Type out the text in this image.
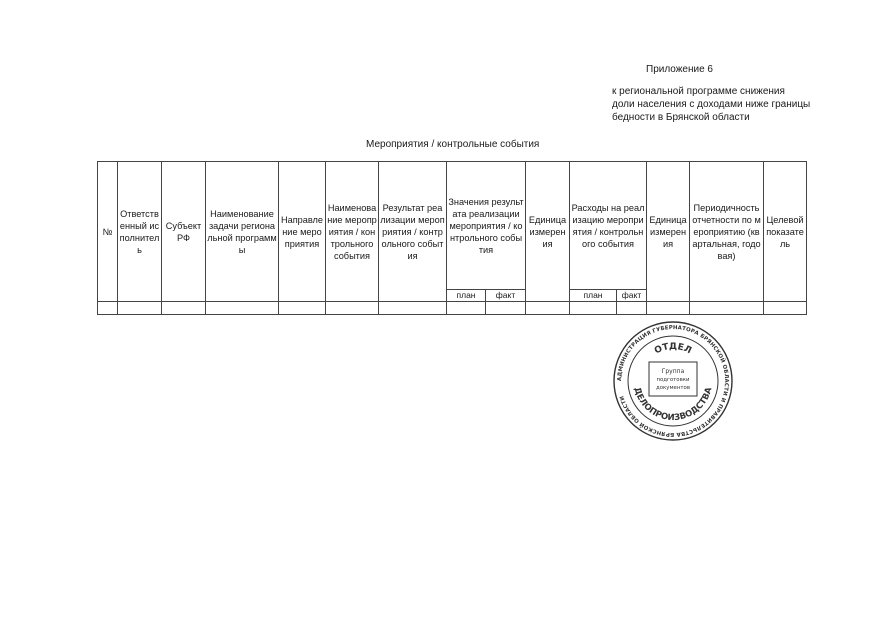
Приложение 6
к региональной программе снижения
доли населения с доходами ниже границы
бедности в Брянской области
Мероприятия / контрольные события
№	Ответственный исполнитель	Субъект РФ	Наименование задачи региональной программы	Направление мероприятия	Наименование мероприятия / контрольного события	Результат реализации мероприятия / контрольного события	Значения результата реализации мероприятия / контрольного события		Единица измерения	Расходы на реализацию мероприятия / контрольного события		Единица измерения	Периодичность отчетности по мероприятию (квартальная, годовая)	Целевой показатель
							план	факт		план	факт			

АДМИНИСТРАЦИЯ ГУБЕРНАТОРА БРЯНСКОЙ ОБЛАСТИ И ПРАВИТЕЛЬСТВА БРЯНСКОЙ ОБЛАСТИ
ОТДЕЛ
ДЕЛОПРОИЗВОДСТВА
Группа
подготовки
документов
